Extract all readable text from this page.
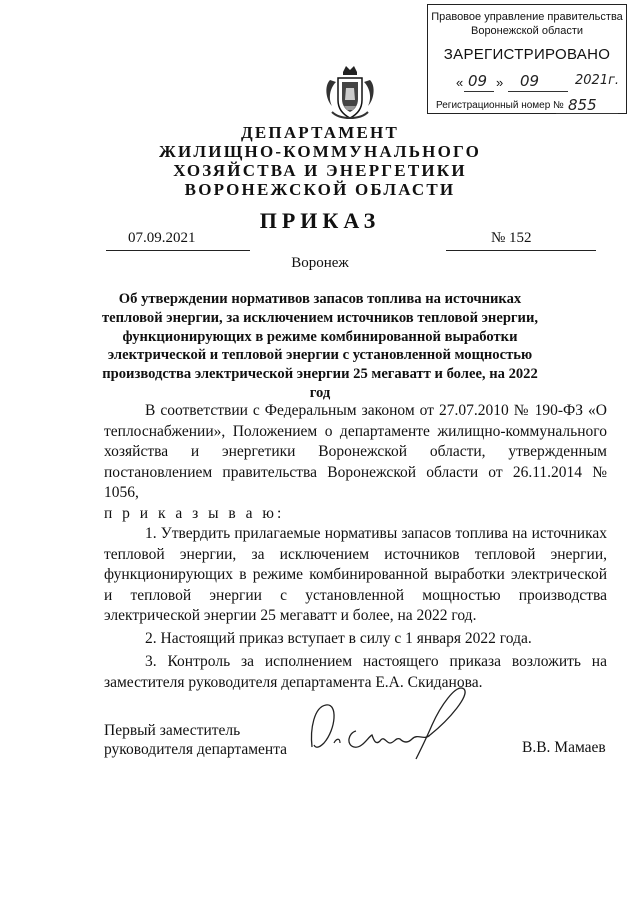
Правовое управление правительства
Воронежской области
ЗАРЕГИСТРИРОВАНО
« 09 » 09	2021г.
Регистрационный номер № 855
ДЕПАРТАМЕНТ
ЖИЛИЩНО-КОММУНАЛЬНОГО
ХОЗЯЙСТВА И ЭНЕРГЕТИКИ
ВОРОНЕЖСКОЙ ОБЛАСТИ
ПРИКАЗ
07.09.2021	№ 152
Воронеж
Об утверждении нормативов запасов топлива на источниках тепловой энергии, за исключением источников тепловой энергии, функционирующих в режиме комбинированной выработки электрической и тепловой энергии с установленной мощностью производства электрической энергии 25 мегаватт и более, на 2022 год

В соответствии с Федеральным законом от 27.07.2010 № 190-ФЗ «О теплоснабжении», Положением о департаменте жилищно-коммунального хозяйства и энергетики Воронежской области, утвержденным постановлением правительства Воронежской области от 26.11.2014 № 1056,

п р и к а з ы в а ю:

1. Утвердить прилагаемые нормативы запасов топлива на источниках тепловой энергии, за исключением источников тепловой энергии, функционирующих в режиме комбинированной выработки электрической и тепловой энергии с установленной мощностью производства электрической энергии 25 мегаватт и более, на 2022 год.

2. Настоящий приказ вступает в силу с 1 января 2022 года.

3. Контроль за исполнением настоящего приказа возложить на заместителя руководителя департамента Е.А. Скиданова.

Первый заместитель
руководителя департамента	В.В. Мамаев
